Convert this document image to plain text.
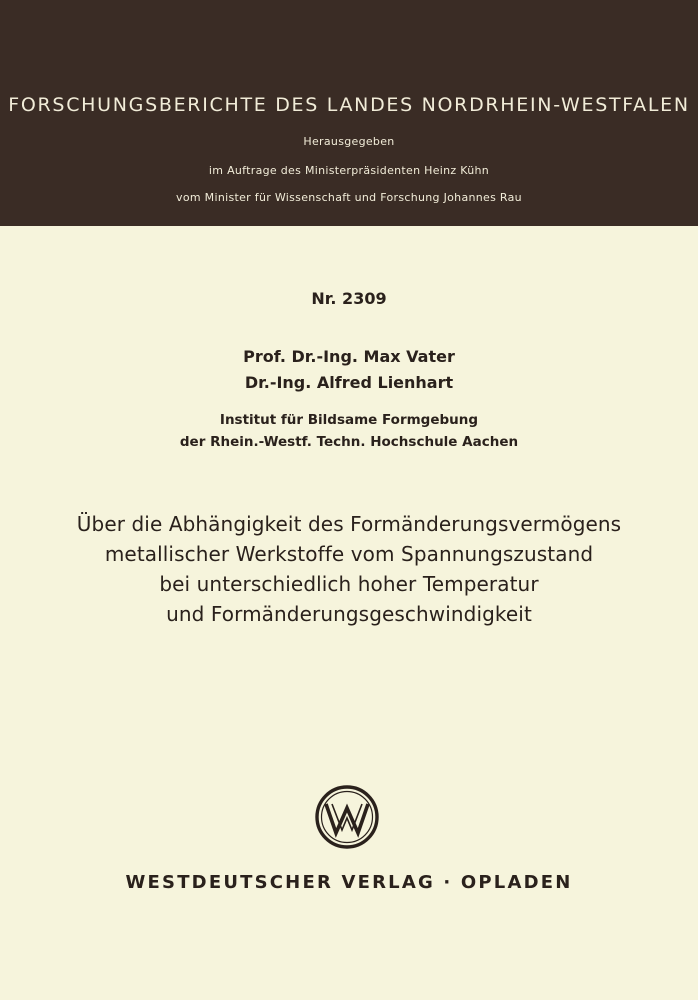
FORSCHUNGSBERICHTE DES LANDES NORDRHEIN-WESTFALEN
Herausgegeben
im Auftrage des Ministerpräsidenten Heinz Kühn
vom Minister für Wissenschaft und Forschung Johannes Rau
Nr. 2309
Prof. Dr.-Ing. Max Vater
Dr.-Ing. Alfred Lienhart
Institut für Bildsame Formgebung
der Rhein.-Westf. Techn. Hochschule Aachen
Über die Abhängigkeit des Formänderungsvermögens
metallischer Werkstoffe vom Spannungszustand
bei unterschiedlich hoher Temperatur
und Formänderungsgeschwindigkeit
WESTDEUTSCHER VERLAG · OPLADEN
